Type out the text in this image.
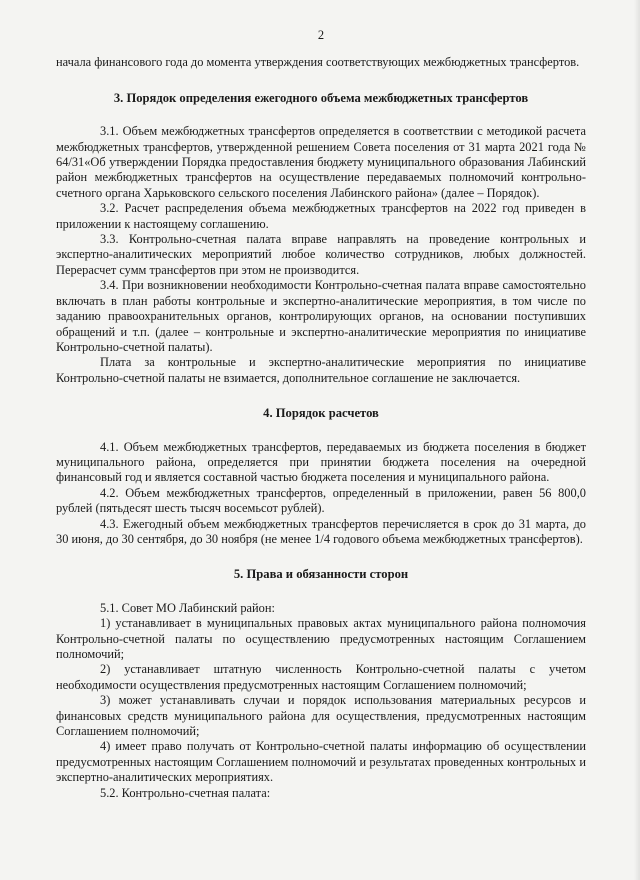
2

начала финансового года до момента утверждения соответствующих межбюджетных трансфертов.

3. Порядок определения ежегодного объема межбюджетных трансфертов

3.1. Объем межбюджетных трансфертов определяется в соответствии с методикой расчета межбюджетных трансфертов, утвержденной решением Совета поселения от 31 марта 2021 года № 64/31«Об утверждении Порядка предоставления бюджету муниципального образования Лабинский район межбюджетных трансфертов на осуществление передаваемых полномочий контрольно-счетного органа Харьковского сельского поселения Лабинского района» (далее – Порядок).

3.2. Расчет распределения объема межбюджетных трансфертов на 2022 год приведен в приложении к настоящему соглашению.

3.3. Контрольно-счетная палата вправе направлять на проведение контрольных и экспертно-аналитических мероприятий любое количество сотрудников, любых должностей. Перерасчет сумм трансфертов при этом не производится.

3.4. При возникновении необходимости Контрольно-счетная палата вправе самостоятельно включать в план работы контрольные и экспертно-аналитические мероприятия, в том числе по заданию правоохранительных органов, контролирующих органов, на основании поступивших обращений и т.п. (далее – контрольные и экспертно-аналитические мероприятия по инициативе Контрольно-счетной палаты).

Плата за контрольные и экспертно-аналитические мероприятия по инициативе Контрольно-счетной палаты не взимается, дополнительное соглашение не заключается.

4. Порядок расчетов

4.1. Объем межбюджетных трансфертов, передаваемых из бюджета поселения в бюджет муниципального района, определяется при принятии бюджета поселения на очередной финансовый год и является составной частью бюджета поселения и муниципального района.

4.2. Объем межбюджетных трансфертов, определенный в приложении, равен 56 800,0 рублей (пятьдесят шесть тысяч восемьсот рублей).

4.3. Ежегодный объем межбюджетных трансфертов перечисляется в срок до 31 марта, до 30 июня, до 30 сентября, до 30 ноября (не менее 1/4 годового объема межбюджетных трансфертов).

5. Права и обязанности сторон

5.1. Совет МО Лабинский район:

1) устанавливает в муниципальных правовых актах муниципального района полномочия Контрольно-счетной палаты по осуществлению предусмотренных настоящим Соглашением полномочий;

2) устанавливает штатную численность Контрольно-счетной палаты с учетом необходимости осуществления предусмотренных настоящим Соглашением полномочий;

3) может устанавливать случаи и порядок использования материальных ресурсов и финансовых средств муниципального района для осуществления, предусмотренных настоящим Соглашением полномочий;

4) имеет право получать от Контрольно-счетной палаты информацию об осуществлении предусмотренных настоящим Соглашением полномочий и результатах проведенных контрольных и экспертно-аналитических мероприятиях.

5.2. Контрольно-счетная палата:
